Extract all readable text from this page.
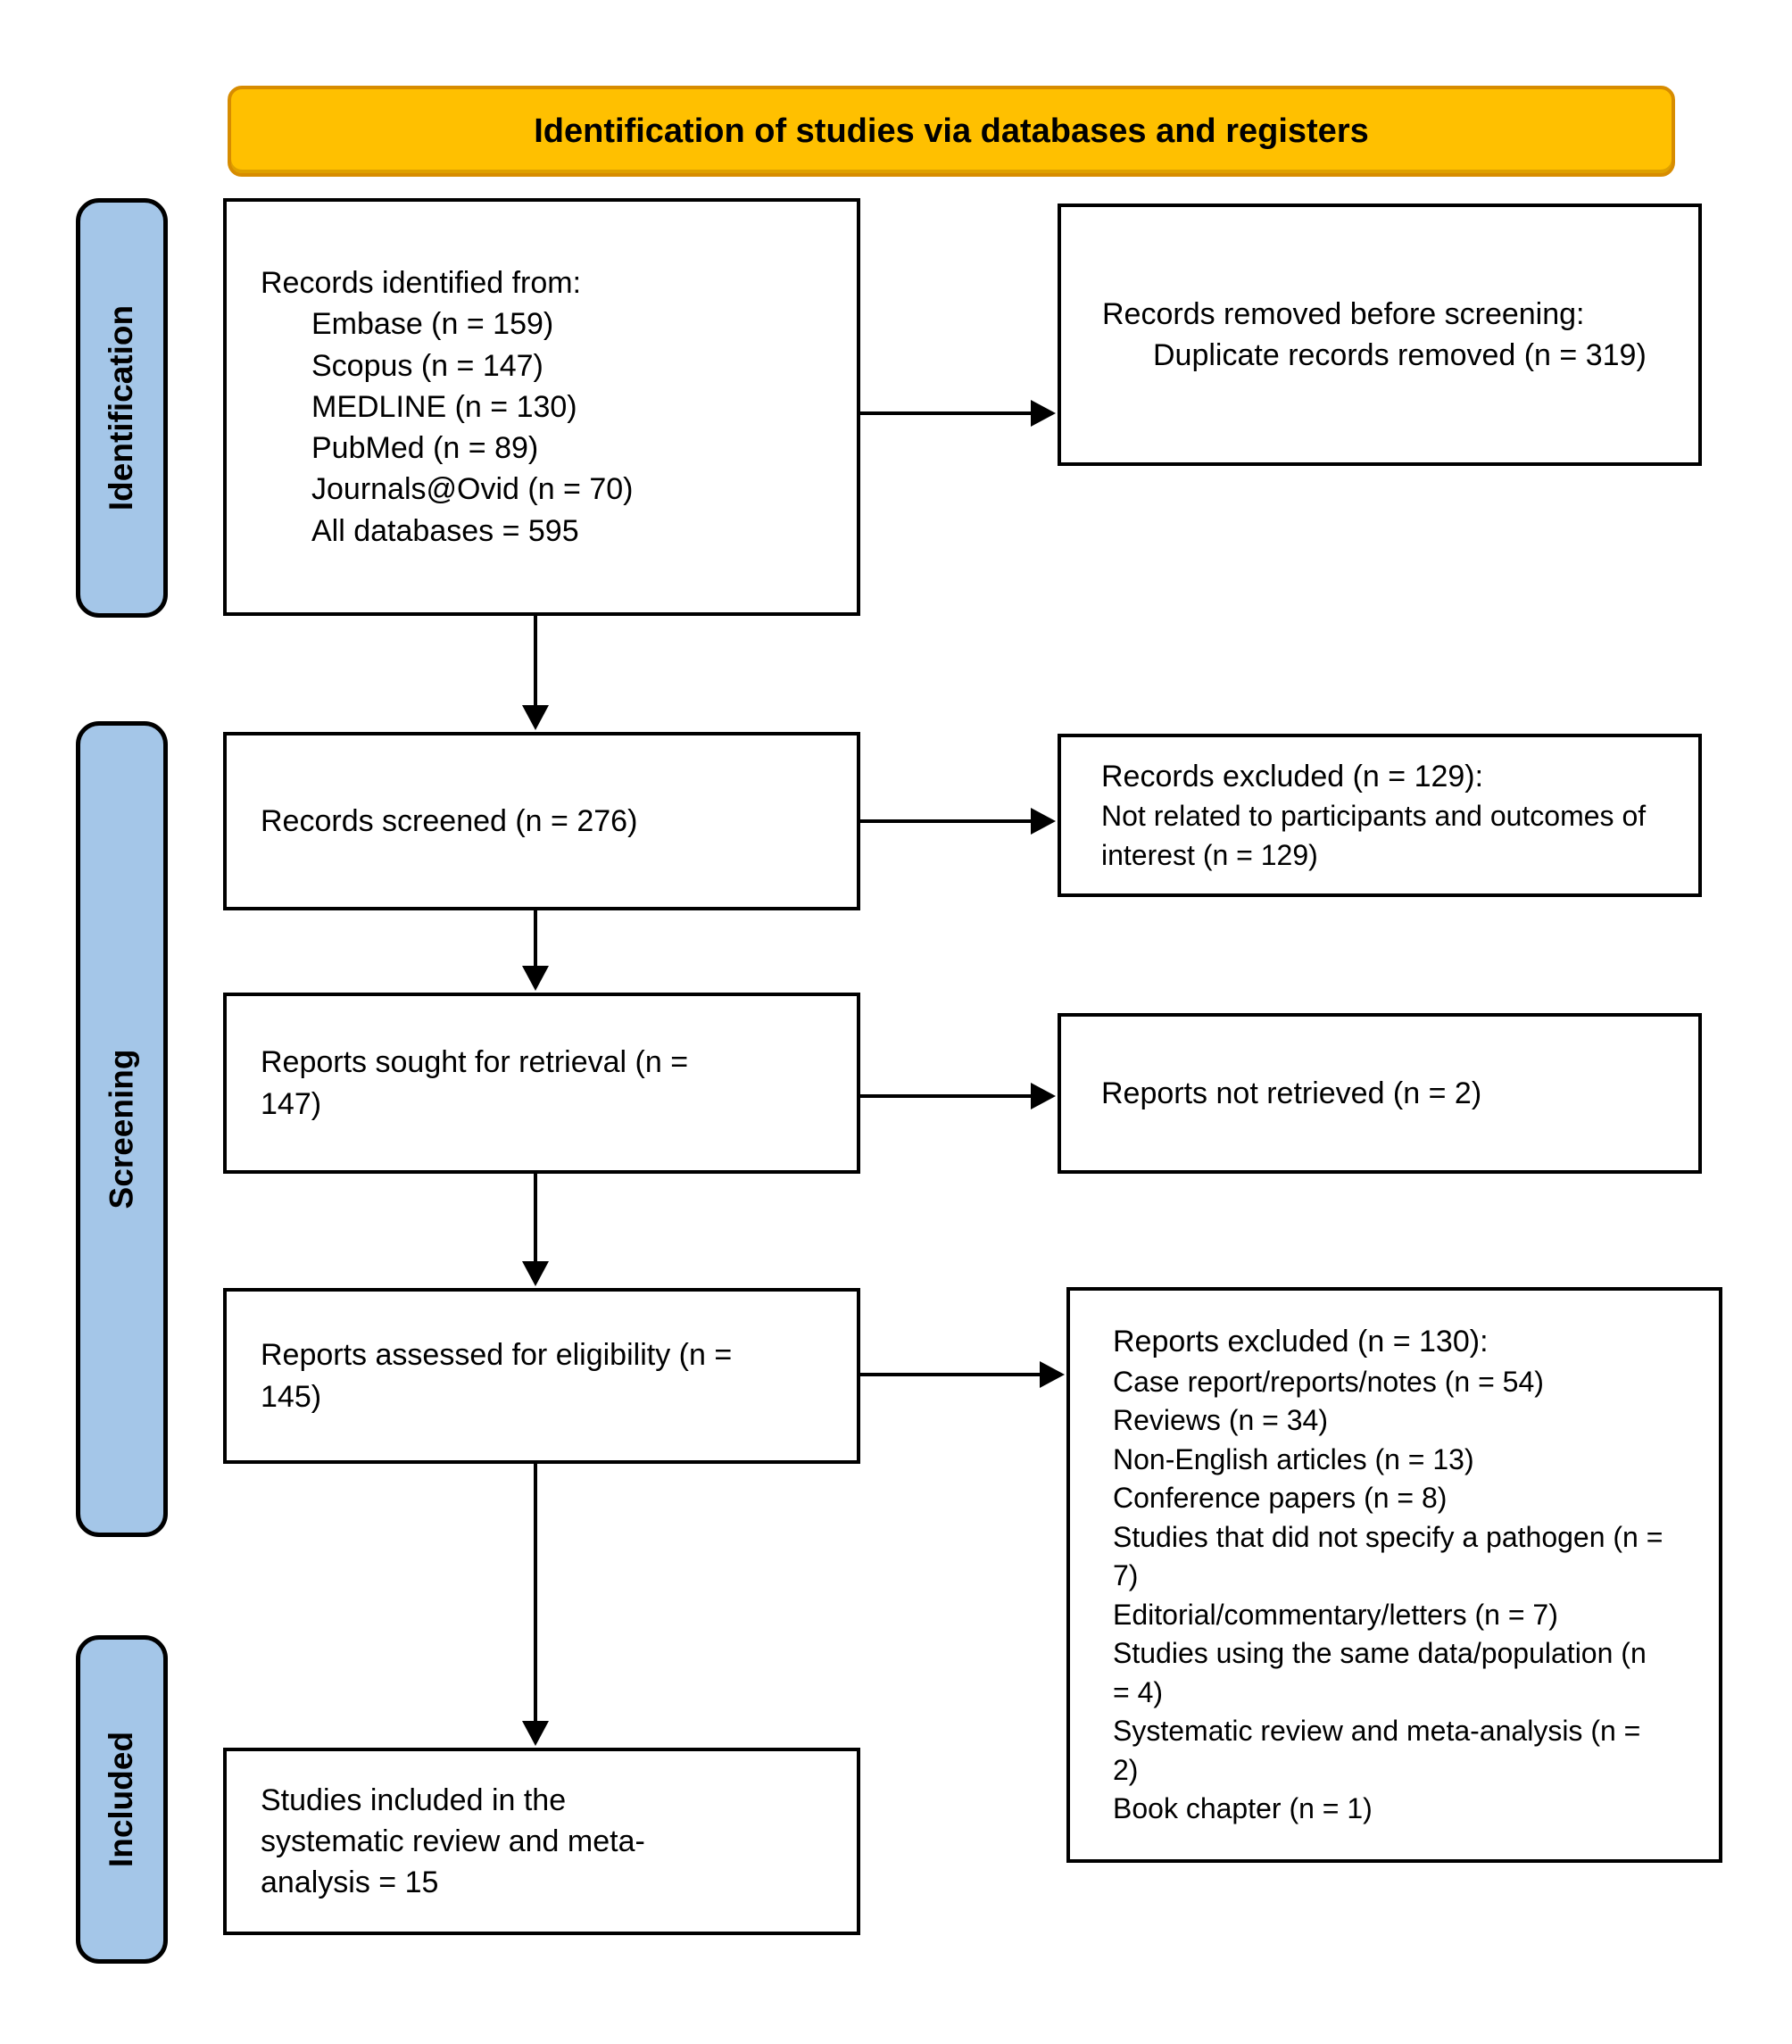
Identification of studies via databases and registers
Identification
Screening
Included
Records identified from:
Embase (n = 159)
Scopus (n = 147)
MEDLINE (n = 130)
PubMed (n = 89)
Journals@Ovid (n = 70)
All databases = 595
Records removed before screening:
Duplicate records removed (n = 319)
Records screened (n = 276)
Records excluded (n = 129):
Not related to participants and outcomes of interest (n = 129)
Reports sought for retrieval (n = 147)	Reports not retrieved (n = 2)
Reports assessed for eligibility (n = 145)
Reports excluded (n = 130):
Case report/reports/notes (n = 54)
Reviews (n = 34)
Non-English articles (n = 13)
Conference papers (n = 8)
Studies that did not specify a pathogen (n = 7)
Editorial/commentary/letters (n = 7)
Studies using the same data/population (n = 4)
Systematic review and meta-analysis (n = 2)
Book chapter (n = 1)
Studies included in the systematic review and meta-analysis = 15
